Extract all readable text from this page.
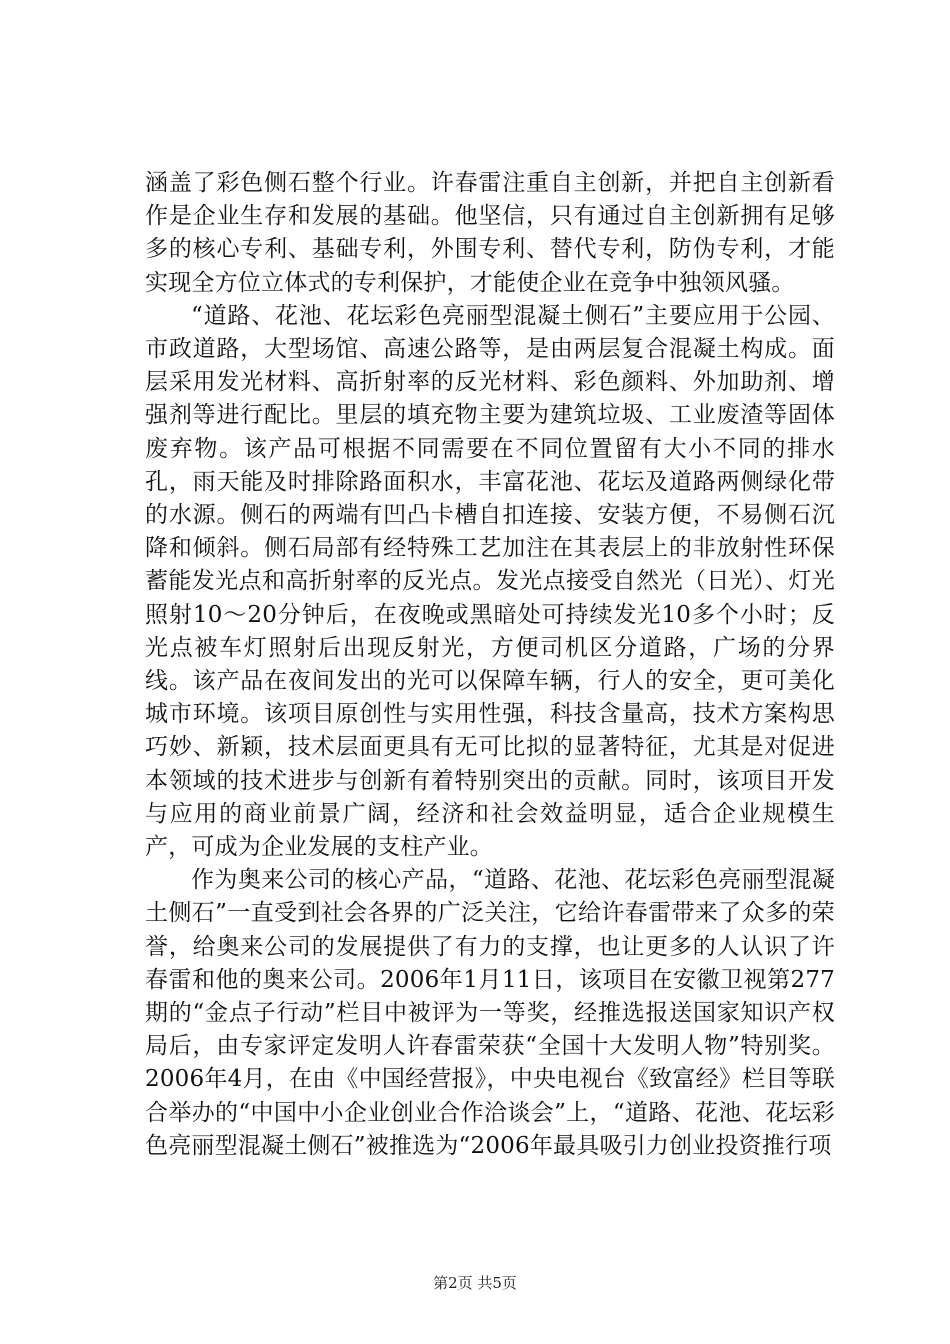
涵盖了彩色侧石整个行业。许春雷注重自主创新，并把自主创新看作是企业生存和发展的基础。他坚信，只有通过自主创新拥有足够多的核心专利、基础专利，外围专利、替代专利，防伪专利，才能实现全方位立体式的专利保护，才能使企业在竞争中独领风骚。

“道路、花池、花坛彩色亮丽型混凝土侧石”主要应用于公园、市政道路，大型场馆、高速公路等，是由两层复合混凝土构成。面层采用发光材料、高折射率的反光材料、彩色颜料、外加助剂、增强剂等进行配比。里层的填充物主要为建筑垃圾、工业废渣等固体废弃物。该产品可根据不同需要在不同位置留有大小不同的排水孔，雨天能及时排除路面积水，丰富花池、花坛及道路两侧绿化带的水源。侧石的两端有凹凸卡槽自扣连接、安装方便，不易侧石沉降和倾斜。侧石局部有经特殊工艺加注在其表层上的非放射性环保蓄能发光点和高折射率的反光点。发光点接受自然光（日光）、灯光照射10～20分钟后，在夜晚或黑暗处可持续发光10多个小时；反光点被车灯照射后出现反射光，方便司机区分道路，广场的分界线。该产品在夜间发出的光可以保障车辆，行人的安全，更可美化城市环境。该项目原创性与实用性强，科技含量高，技术方案构思巧妙、新颖，技术层面更具有无可比拟的显著特征，尤其是对促进本领域的技术进步与创新有着特别突出的贡献。同时，该项目开发与应用的商业前景广阔，经济和社会效益明显，适合企业规模生产，可成为企业发展的支柱产业。

作为奥来公司的核心产品，“道路、花池、花坛彩色亮丽型混凝土侧石”一直受到社会各界的广泛关注，它给许春雷带来了众多的荣誉，给奥来公司的发展提供了有力的支撑，也让更多的人认识了许春雷和他的奥来公司。2006年1月11日，该项目在安徽卫视第277期的“金点子行动”栏目中被评为一等奖，经推选报送国家知识产权局后，由专家评定发明人许春雷荣获“全国十大发明人物”特别奖。2006年4月，在由《中国经营报》，中央电视台《致富经》栏目等联合举办的“中国中小企业创业合作洽谈会”上，“道路、花池、花坛彩色亮丽型混凝土侧石”被推选为“2006年最具吸引力创业投资推行项

第2页 共5页
